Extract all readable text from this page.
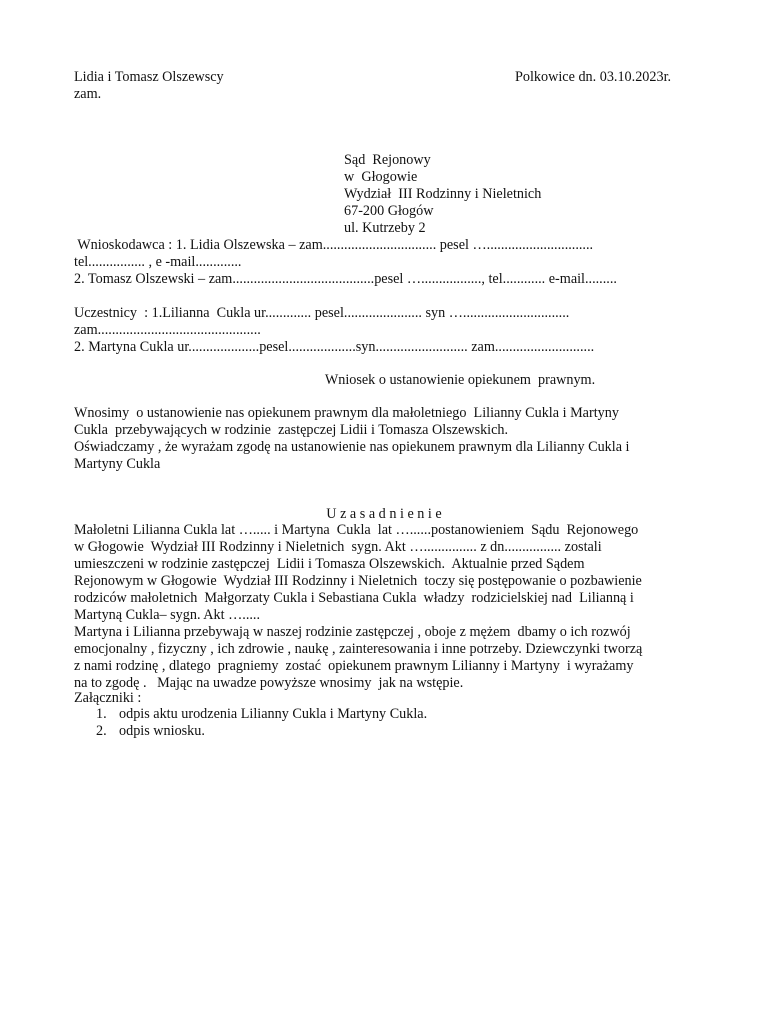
Lidia i Tomasz Olszewscy
zam.
Polkowice dn. 03.10.2023r.
Sąd  Rejonowy
w  Głogowie
Wydział  III Rodzinny i Nieletnich
67-200 Głogów
ul. Kutrzeby 2
Wnioskodawca : 1. Lidia Olszewska – zam................................ pesel …..............................
tel................ , e -mail.............
2. Tomasz Olszewski – zam........................................pesel …................., tel............ e-mail.........
Uczestnicy  : 1.Lilianna  Cukla ur............. pesel...................... syn …..............................
zam..............................................
2. Martyna Cukla ur....................pesel...................syn.......................... zam............................
Wniosek o ustanowienie opiekunem  prawnym.
Wnosimy  o ustanowienie nas opiekunem prawnym dla małoletniego  Lilianny Cukla i Martyny
Cukla  przebywających w rodzinie  zastępczej Lidii i Tomasza Olszewskich.
Oświadczamy , że wyrażam zgodę na ustanowienie nas opiekunem prawnym dla Lilianny Cukla i
Martyny Cukla
U z a s a d n i e n i e
Małoletni Lilianna Cukla lat …..... i Martyna  Cukla  lat …......postanowieniem  Sądu  Rejonowego
w Głogowie  Wydział III Rodzinny i Nieletnich  sygn. Akt …............... z dn................ zostali
umieszczeni w rodzinie zastępczej  Lidii i Tomasza Olszewskich.  Aktualnie przed Sądem
Rejonowym w Głogowie  Wydział III Rodzinny i Nieletnich  toczy się postępowanie o pozbawienie
rodziców małoletnich  Małgorzaty Cukla i Sebastiana Cukla  władzy  rodzicielskiej nad  Lilianną i
Martyną Cukla– sygn. Akt ….....
Martyna i Lilianna przebywają w naszej rodzinie zastępczej , oboje z mężem  dbamy o ich rozwój
emocjonalny , fizyczny , ich zdrowie , naukę , zainteresowania i inne potrzeby. Dziewczynki tworzą
z nami rodzinę , dlatego  pragniemy  zostać  opiekunem prawnym Lilianny i Martyny  i wyrażamy
na to zgodę .   Mając na uwadze powyższe wnosimy  jak na wstępie.
Załączniki :
1. odpis aktu urodzenia Lilianny Cukla i Martyny Cukla.
2. odpis wniosku.
